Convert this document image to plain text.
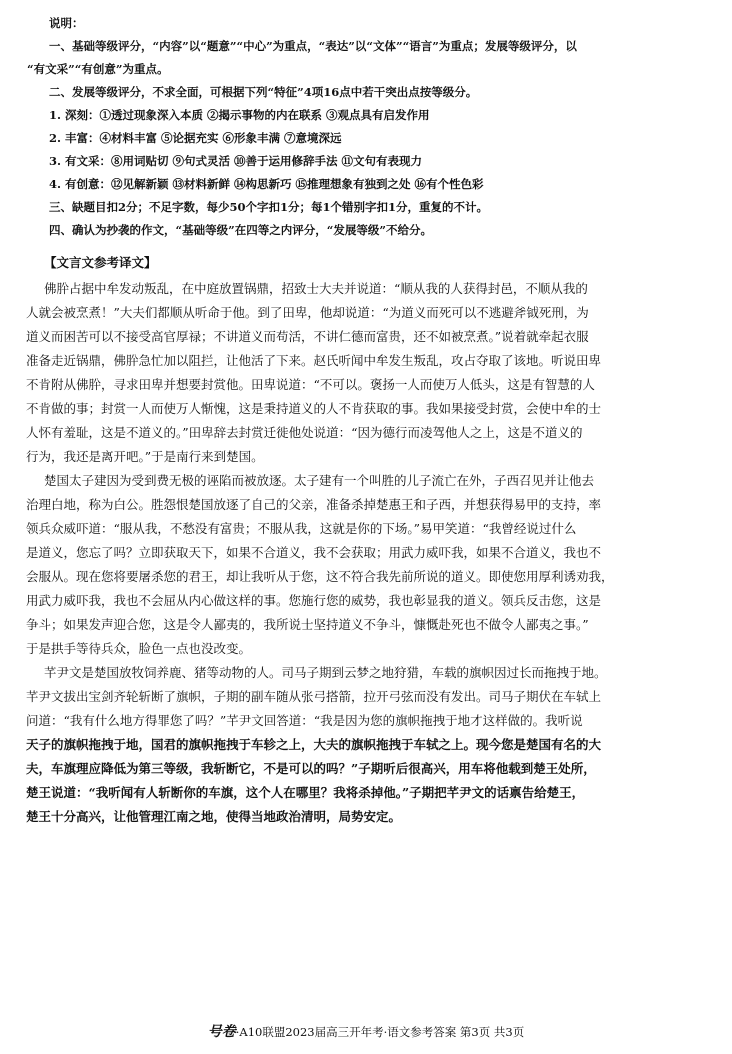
说明：
一、基础等级评分，“内容”以“题意”“中心”为重点，“表达”以“文体”“语言”为重点；发展等级评分，以
“有文采”“有创意”为重点。
二、发展等级评分，不求全面，可根据下列“特征”4项16点中若干突出点按等级分。
1. 深刻：①透过现象深入本质 ②揭示事物的内在联系 ③观点具有启发作用
2. 丰富：④材料丰富 ⑤论据充实 ⑥形象丰满 ⑦意境深远
3. 有文采：⑧用词贴切 ⑨句式灵活 ⑩善于运用修辞手法 ⑪文句有表现力
4. 有创意：⑫见解新颖 ⑬材料新鲜 ⑭构思新巧 ⑮推理想象有独到之处 ⑯有个性色彩
三、缺题目扣2分；不足字数，每少50个字扣1分；每1个错别字扣1分，重复的不计。
四、确认为抄袭的作文，“基础等级”在四等之内评分，“发展等级”不给分。
【文言文参考译文】
佛肸占据中牟发动叛乱，在中庭放置锅鼎，招致士大夫并说道：“顺从我的人获得封邑，不顺从我的
人就会被烹煮！”大夫们都顺从听命于他。到了田卑，他却说道：“为道义而死可以不逃避斧钺死刑，为
道义而困苦可以不接受高官厚禄；不讲道义而苟活，不讲仁德而富贵，还不如被烹煮。”说着就牵起衣服
准备走近锅鼎，佛肸急忙加以阻拦，让他活了下来。赵氏听闻中牟发生叛乱，攻占夺取了该地。听说田卑
不肯附从佛肸，寻求田卑并想要封赏他。田卑说道：“不可以。褒扬一人而使万人低头，这是有智慧的人
不肯做的事；封赏一人而使万人惭愧，这是秉持道义的人不肯获取的事。我如果接受封赏，会使中牟的士
人怀有羞耻，这是不道义的。”田卑辞去封赏迁徙他处说道：“因为德行而凌驾他人之上，这是不道义的
行为，我还是离开吧。”于是南行来到楚国。
楚国太子建因为受到费无极的诬陷而被放逐。太子建有一个叫胜的儿子流亡在外，子西召见并让他去
治理白地，称为白公。胜怨恨楚国放逐了自己的父亲，准备杀掉楚惠王和子西，并想获得易甲的支持，率
领兵众威吓道：“服从我，不愁没有富贵；不服从我，这就是你的下场。”易甲笑道：“我曾经说过什么
是道义，您忘了吗？立即获取天下，如果不合道义，我不会获取；用武力威吓我，如果不合道义，我也不
会服从。现在您将要屠杀您的君王，却让我听从于您，这不符合我先前所说的道义。即使您用厚利诱劝我，
用武力威吓我，我也不会屈从内心做这样的事。您施行您的威势，我也彰显我的道义。领兵反击您，这是
争斗；如果发声迎合您，这是令人鄙夷的，我所说士坚持道义不争斗，慷慨赴死也不做令人鄙夷之事。”
于是拱手等待兵众，脸色一点也没改变。
芊尹文是楚国放牧饲养鹿、猪等动物的人。司马子期到云梦之地狩猎，车载的旗帜因过长而拖拽于地。
芊尹文拔出宝剑齐轮斩断了旗帜，子期的副车随从张弓搭箭，拉开弓弦而没有发出。司马子期伏在车轼上
问道：“我有什么地方得罪您了吗？”芊尹文回答道：“我是因为您的旗帜拖拽于地才这样做的。我听说
天子的旗帜拖拽于地，国君的旗帜拖拽于车轸之上，大夫的旗帜拖拽于车轼之上。现今您是楚国有名的大
夫，车旗理应降低为第三等级，我斩断它，不是可以的吗？”子期听后很高兴，用车将他载到楚王处所，
楚王说道：“我听闻有人斩断你的车旗，这个人在哪里？我将杀掉他。”子期把芊尹文的话禀告给楚王，
楚王十分高兴，让他管理江南之地，使得当地政治清明，局势安定。
号卷·A10联盟2023届高三开年考·语文参考答案 第3页 共3页
